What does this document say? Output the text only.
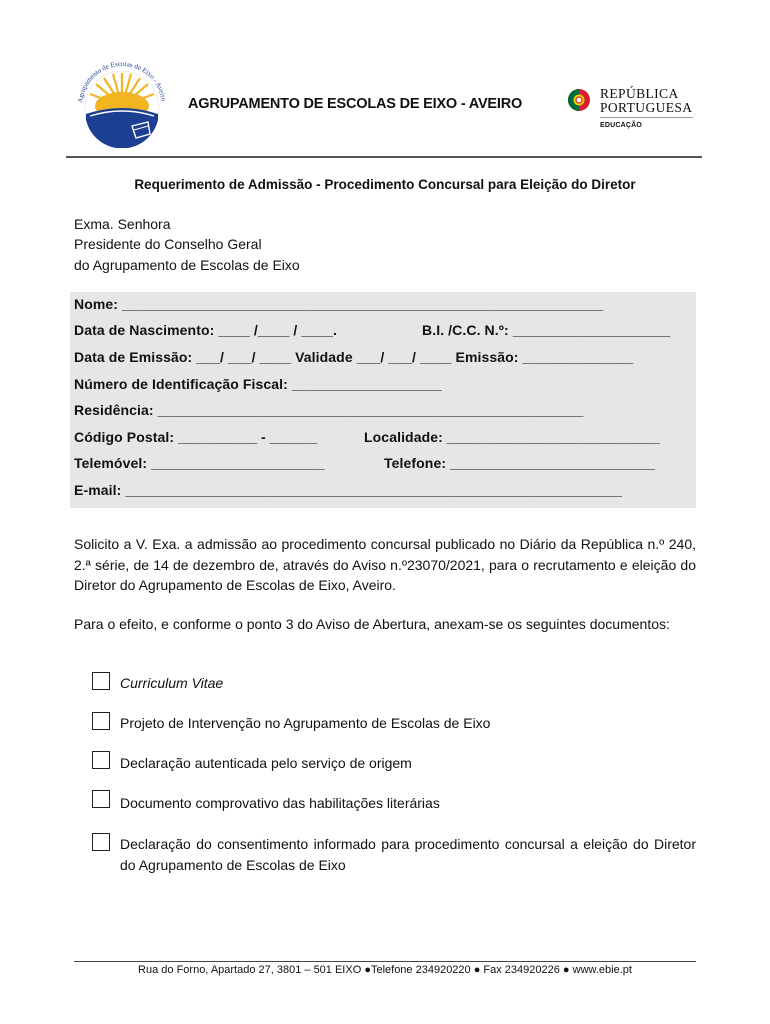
Agrupamento de Escolas de Eixo - Aveiro AGRUPAMENTO DE ESCOLAS DE EIXO - AVEIRO
REPÚBLICA
PORTUGUESA
EDUCAÇÃO
Requerimento de Admissão - Procedimento Concursal para Eleição do Diretor
Exma. Senhora
Presidente do Conselho Geral
do Agrupamento de Escolas de Eixo
Nome: _____________________________________________________________
Data de Nascimento: ____ /____ / ____.	B.I. /C.C. N.º: ____________________
Data de Emissão: ___/ ___/ ____ Validade ___/ ___/ ____ Emissão: ______________
Número de Identificação Fiscal: ___________________
Residência: ______________________________________________________
Código Postal: __________ - ______	Localidade: ___________________________
Telemóvel: ______________________	Telefone: __________________________
E-mail: _______________________________________________________________
Solicito a V. Exa. a admissão ao procedimento concursal publicado no Diário da República n.º 240, 2.ª série, de 14 de dezembro de, através do Aviso n.º23070/2021, para o recrutamento e eleição do Diretor do Agrupamento de Escolas de Eixo, Aveiro.
Para o efeito, e conforme o ponto 3 do Aviso de Abertura, anexam-se os seguintes documentos:
Curriculum Vitae
Projeto de Intervenção no Agrupamento de Escolas de Eixo
Declaração autenticada pelo serviço de origem
Documento comprovativo das habilitações literárias
Declaração do consentimento informado para procedimento concursal a eleição do Diretor do Agrupamento de Escolas de Eixo
Rua do Forno, Apartado 27, 3801 – 501 EIXO ●Telefone 234920220 ● Fax 234920226 ● www.ebie.pt
